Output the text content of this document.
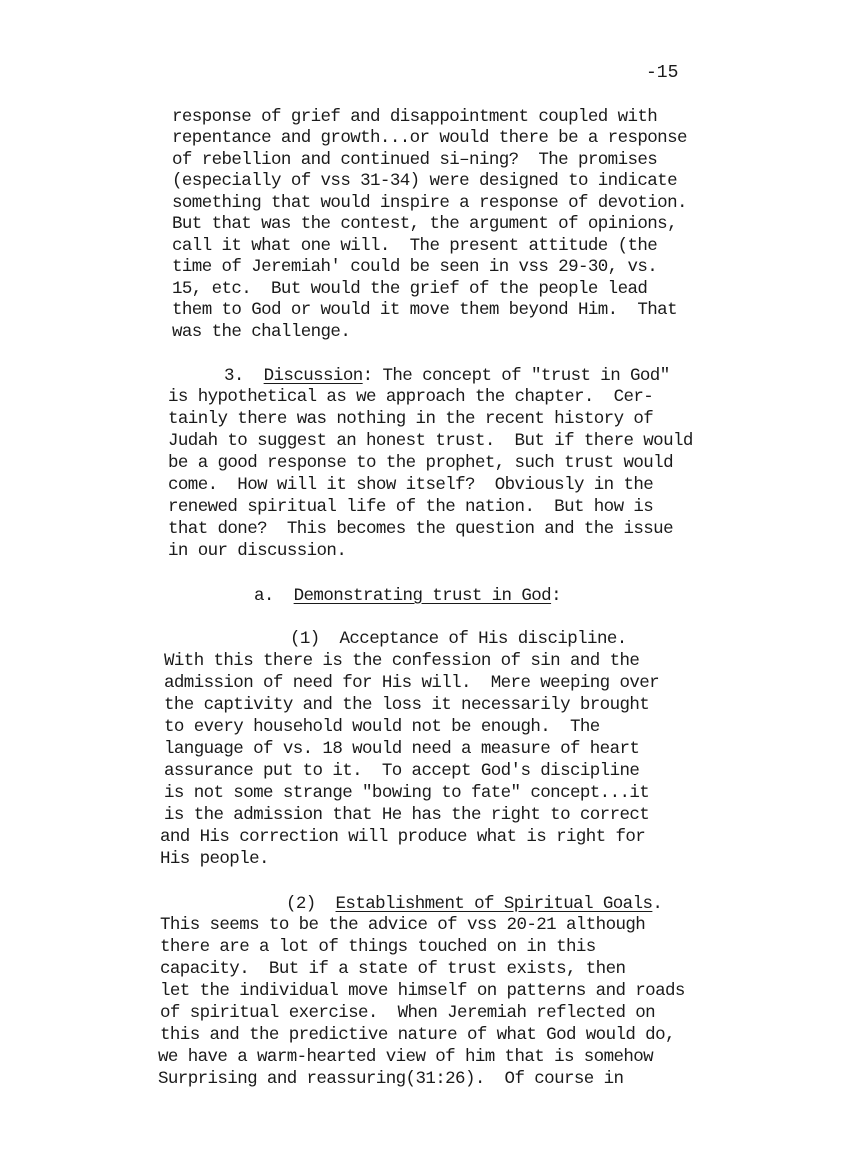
-15
response of grief and disappointment coupled with
repentance and growth...or would there be a response
of rebellion and continued si–ning?  The promises
(especially of vss 31-34) were designed to indicate
something that would inspire a response of devotion.
But that was the contest, the argument of opinions,
call it what one will.  The present attitude (the
time of Jeremiah' could be seen in vss 29-30, vs.
15, etc.  But would the grief of the people lead
them to God or would it move them beyond Him.  That
was the challenge.
3. Discussion: The concept of "trust in God"
is hypothetical as we approach the chapter.  Cer-
tainly there was nothing in the recent history of
Judah to suggest an honest trust.  But if there would
be a good response to the prophet, such trust would
come.  How will it show itself?  Obviously in the
renewed spiritual life of the nation.  But how is
that done?  This becomes the question and the issue
in our discussion.
a. Demonstrating trust in God:
(1)  Acceptance of His discipline.
With this there is the confession of sin and the
admission of need for His will.  Mere weeping over
the captivity and the loss it necessarily brought
to every household would not be enough.  The
language of vs. 18 would need a measure of heart
assurance put to it.  To accept God's discipline
is not some strange "bowing to fate" concept...it
is the admission that He has the right to correct
and His correction will produce what is right for
His people.
(2) Establishment of Spiritual Goals.
This seems to be the advice of vss 20-21 although
there are a lot of things touched on in this
capacity.  But if a state of trust exists, then
let the individual move himself on patterns and roads
of spiritual exercise.  When Jeremiah reflected on
this and the predictive nature of what God would do,
we have a warm-hearted view of him that is somehow
Surprising and reassuring(31:26).  Of course in
